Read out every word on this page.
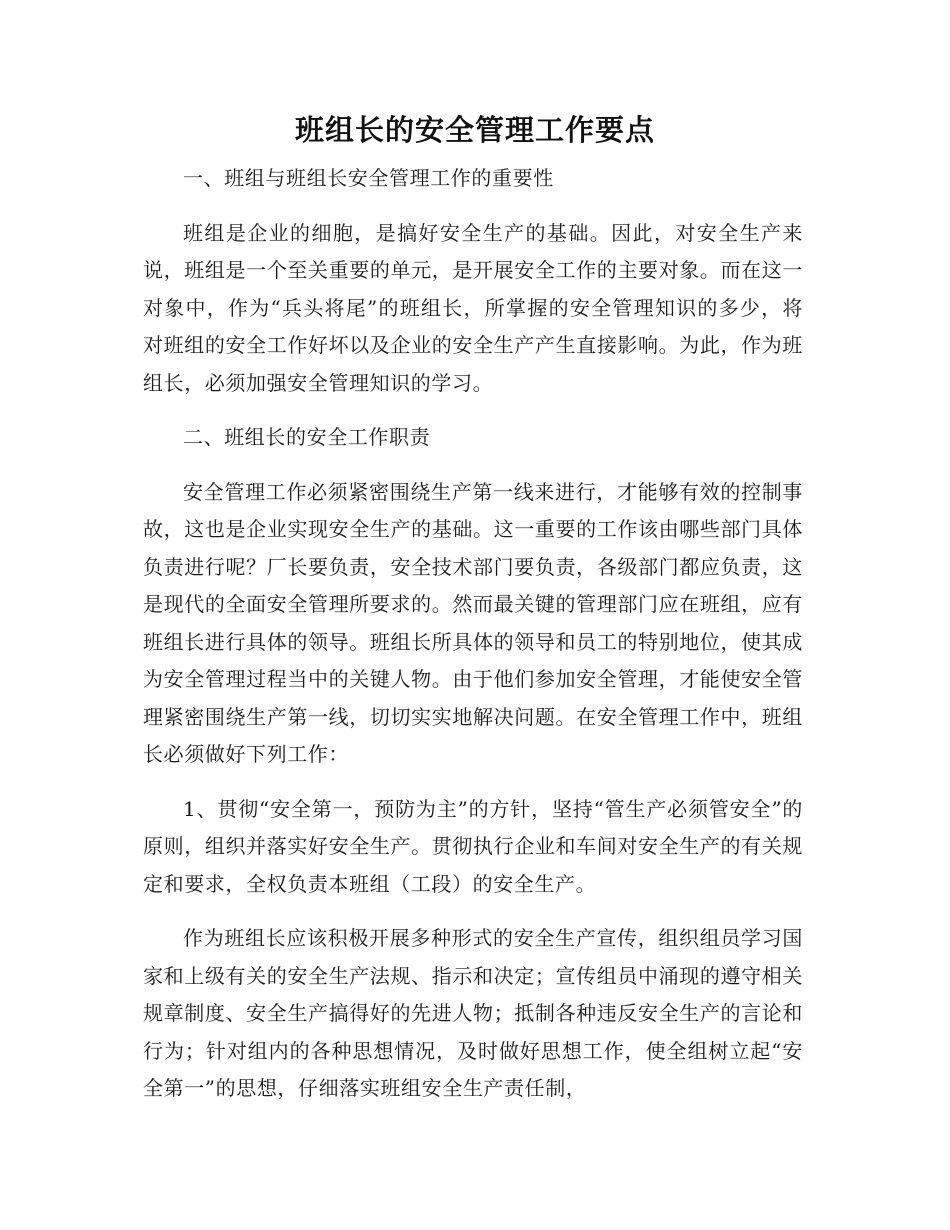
班组长的安全管理工作要点

一、班组与班组长安全管理工作的重要性

班组是企业的细胞，是搞好安全生产的基础。因此，对安全生产来说，班组是一个至关重要的单元，是开展安全工作的主要对象。而在这一对象中，作为“兵头将尾”的班组长，所掌握的安全管理知识的多少，将对班组的安全工作好坏以及企业的安全生产产生直接影响。为此，作为班组长，必须加强安全管理知识的学习。

二、班组长的安全工作职责

安全管理工作必须紧密围绕生产第一线来进行，才能够有效的控制事故，这也是企业实现安全生产的基础。这一重要的工作该由哪些部门具体负责进行呢？厂长要负责，安全技术部门要负责，各级部门都应负责，这是现代的全面安全管理所要求的。然而最关键的管理部门应在班组，应有班组长进行具体的领导。班组长所具体的领导和员工的特别地位，使其成为安全管理过程当中的关键人物。由于他们参加安全管理，才能使安全管理紧密围绕生产第一线，切切实实地解决问题。在安全管理工作中，班组长必须做好下列工作：

1、贯彻“安全第一，预防为主”的方针，坚持“管生产必须管安全”的原则，组织并落实好安全生产。贯彻执行企业和车间对安全生产的有关规定和要求，全权负责本班组（工段）的安全生产。

作为班组长应该积极开展多种形式的安全生产宣传，组织组员学习国家和上级有关的安全生产法规、指示和决定；宣传组员中涌现的遵守相关规章制度、安全生产搞得好的先进人物；抵制各种违反安全生产的言论和行为；针对组内的各种思想情况，及时做好思想工作，使全组树立起“安全第一”的思想，仔细落实班组安全生产责任制，
